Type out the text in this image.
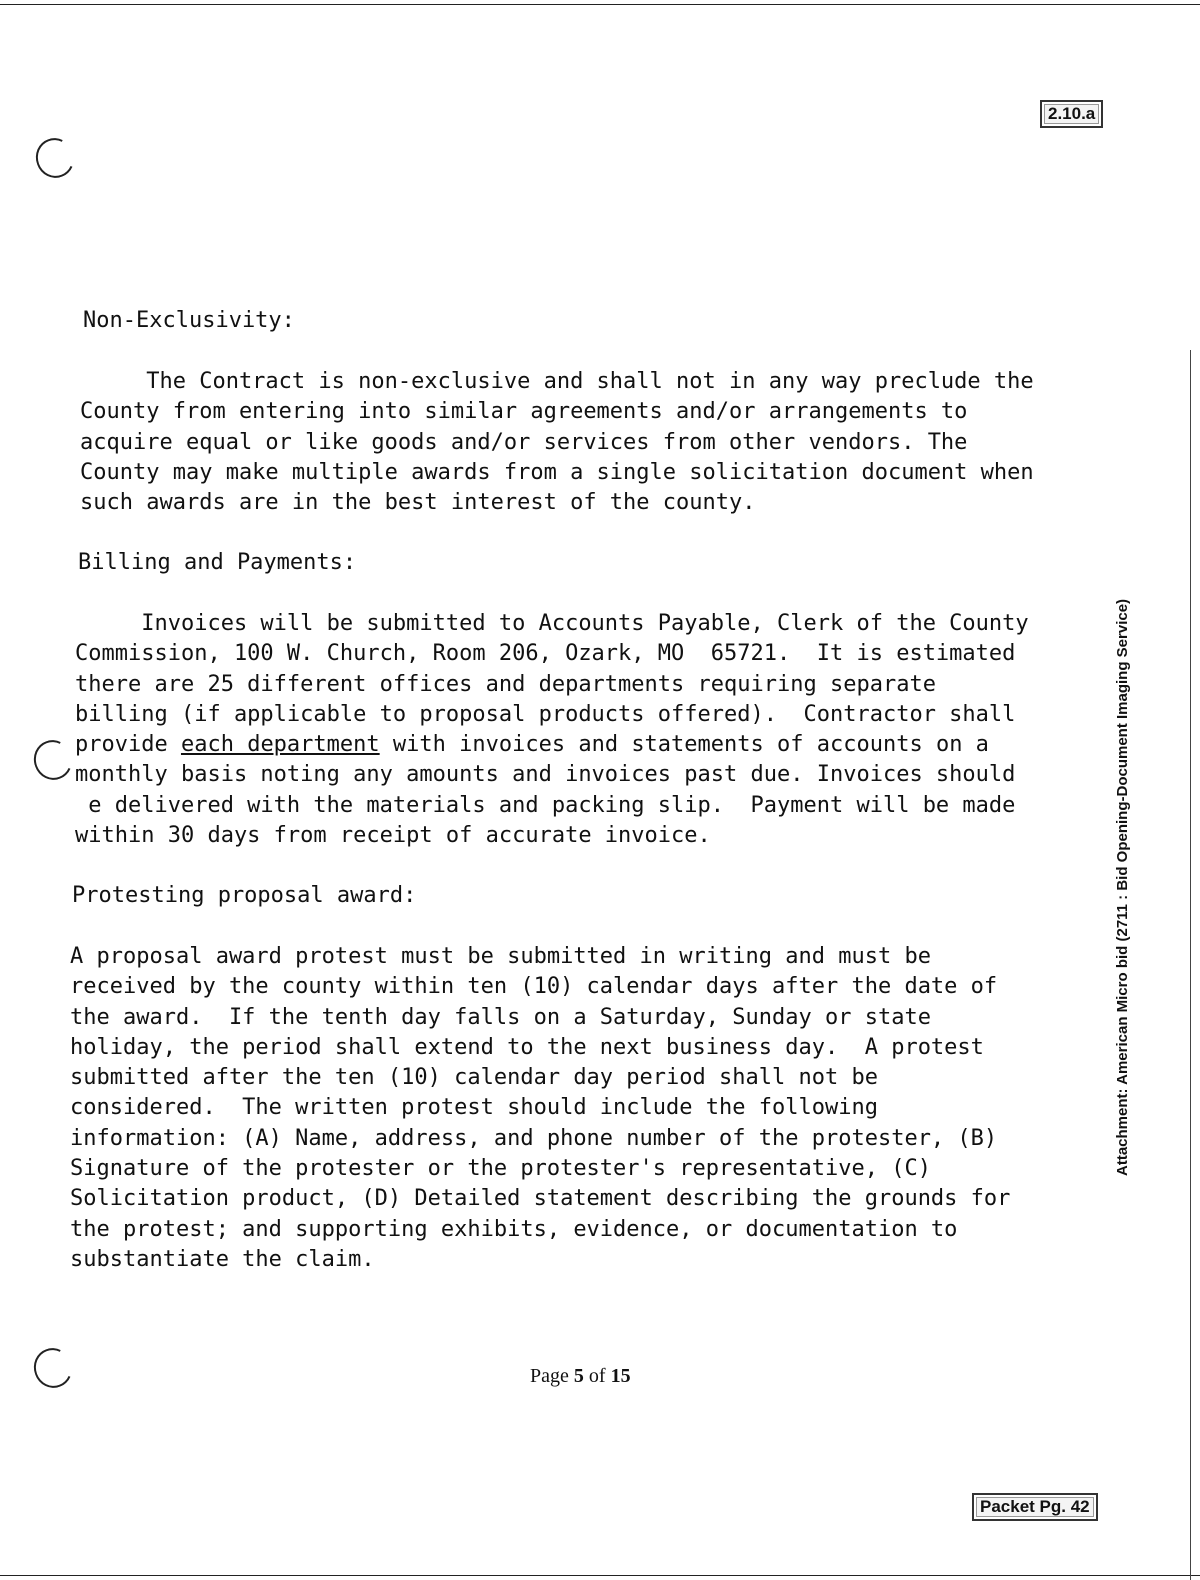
2.10.a
Attachment: American Micro bid (2711 : Bid Opening-Document Imaging Service)

Non-Exclusivity:

The Contract is non-exclusive and shall not in any way preclude the
County from entering into similar agreements and/or arrangements to
acquire equal or like goods and/or services from other vendors. The
County may make multiple awards from a single solicitation document when
such awards are in the best interest of the county.

Billing and Payments:

Invoices will be submitted to Accounts Payable, Clerk of the County
Commission, 100 W. Church, Room 206, Ozark, MO  65721.  It is estimated
there are 25 different offices and departments requiring separate
billing (if applicable to proposal products offered).  Contractor shall
provide each department with invoices and statements of accounts on a
monthly basis noting any amounts and invoices past due. Invoices should
e delivered with the materials and packing slip.  Payment will be made
within 30 days from receipt of accurate invoice.

Protesting proposal award:

A proposal award protest must be submitted in writing and must be
received by the county within ten (10) calendar days after the date of
the award.  If the tenth day falls on a Saturday, Sunday or state
holiday, the period shall extend to the next business day.  A protest
submitted after the ten (10) calendar day period shall not be
considered.  The written protest should include the following
information: (A) Name, address, and phone number of the protester, (B)
Signature of the protester or the protester's representative, (C)
Solicitation product, (D) Detailed statement describing the grounds for
the protest; and supporting exhibits, evidence, or documentation to
substantiate the claim.

Page 5 of 15
Packet Pg. 42
